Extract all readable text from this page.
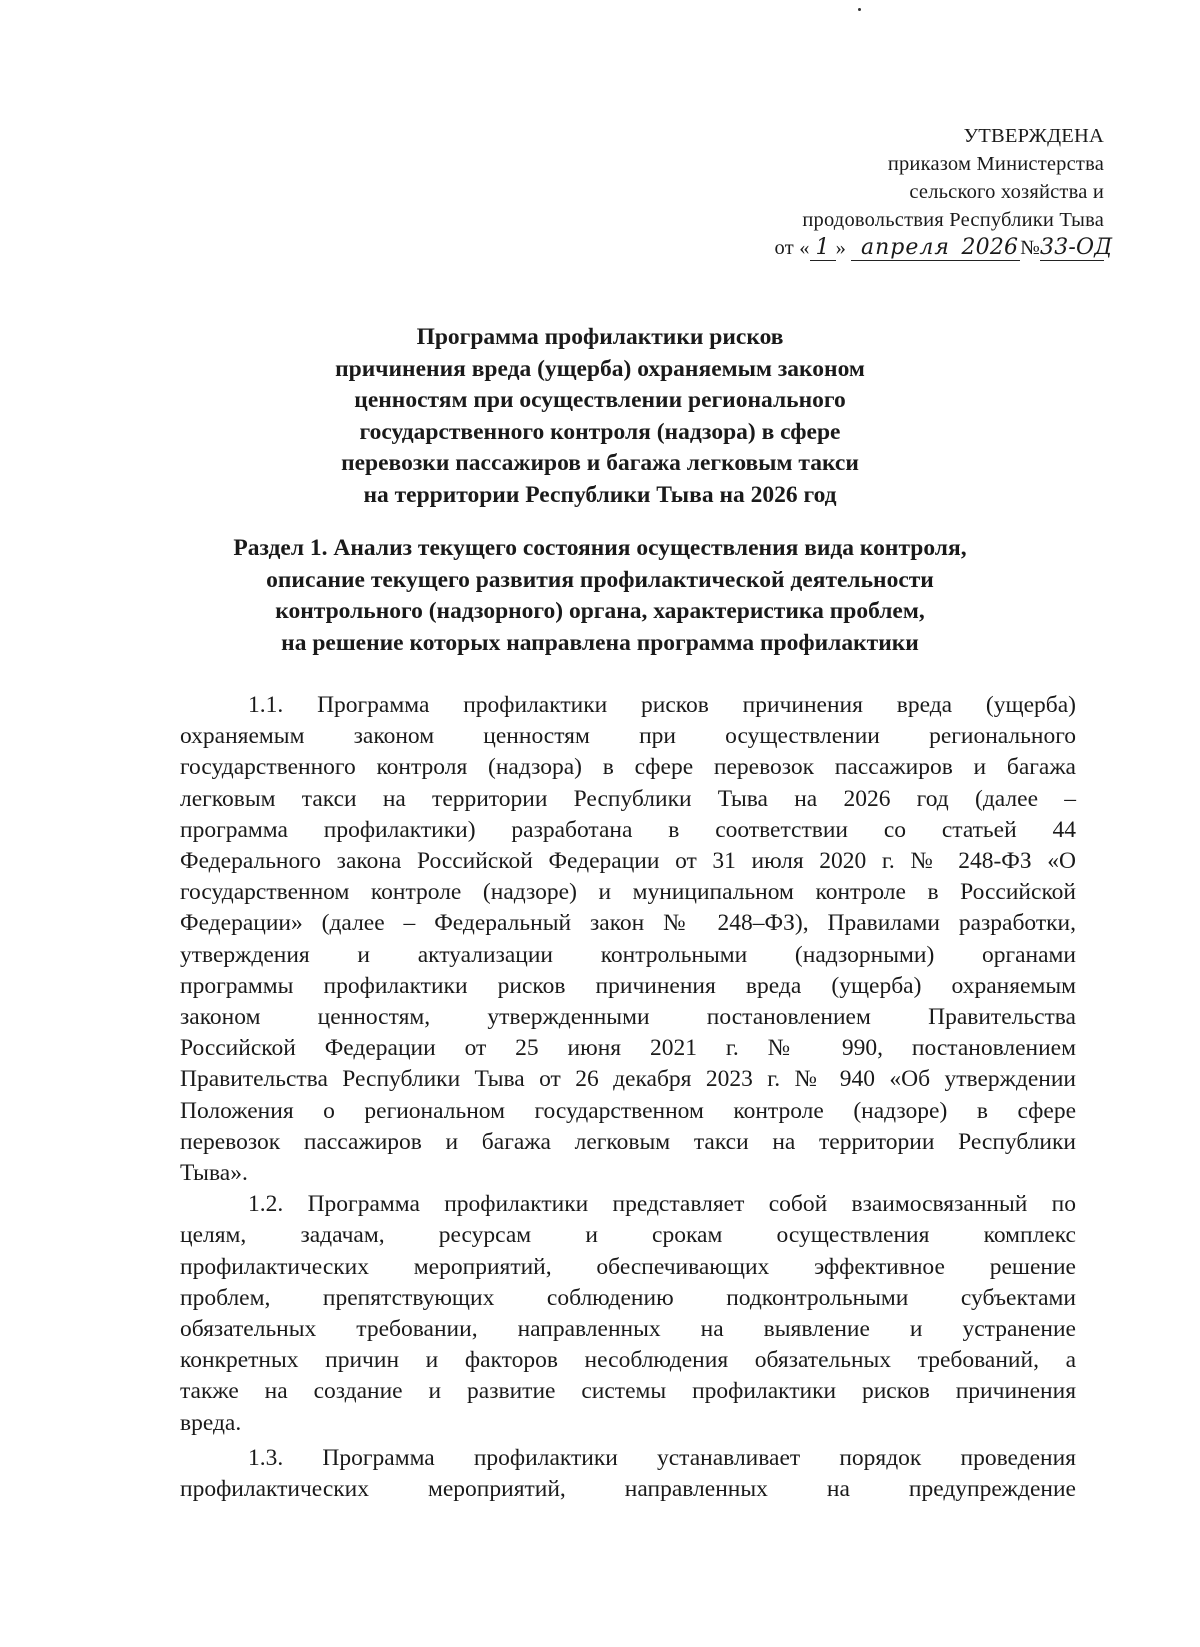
УТВЕРЖДЕНА
приказом Министерства
сельского хозяйства и
продовольствия Республики Тыва
от « 1 » апреля 2026№33-ОД
Программа профилактики рисков
причинения вреда (ущерба) охраняемым законом
ценностям при осуществлении регионального
государственного контроля (надзора) в сфере
перевозки пассажиров и багажа легковым такси
на территории Республики Тыва на 2026 год
Раздел 1. Анализ текущего состояния осуществления вида контроля,
описание текущего развития профилактической деятельности
контрольного (надзорного) органа, характеристика проблем,
на решение которых направлена программа профилактики
1.1. Программа профилактики рисков причинения вреда (ущерба)
охраняемым законом ценностям при осуществлении регионального
государственного контроля (надзора) в сфере перевозок пассажиров и багажа
легковым такси на территории Республики Тыва на 2026 год (далее –
программа профилактики) разработана в соответствии со статьей 44
Федерального закона Российской Федерации от 31 июля 2020 г. № 248-ФЗ «О
государственном контроле (надзоре) и муниципальном контроле в Российской
Федерации» (далее – Федеральный закон № 248–ФЗ), Правилами разработки,
утверждения и актуализации контрольными (надзорными) органами
программы профилактики рисков причинения вреда (ущерба) охраняемым
законом ценностям, утвержденными постановлением Правительства
Российской Федерации от 25 июня 2021 г. № 990, постановлением
Правительства Республики Тыва от 26 декабря 2023 г. № 940 «Об утверждении
Положения о региональном государственном контроле (надзоре) в сфере
перевозок пассажиров и багажа легковым такси на территории Республики
Тыва».
1.2. Программа профилактики представляет собой взаимосвязанный по
целям, задачам, ресурсам и срокам осуществления комплекс
профилактических мероприятий, обеспечивающих эффективное решение
проблем, препятствующих соблюдению подконтрольными субъектами
обязательных требовании, направленных на выявление и устранение
конкретных причин и факторов несоблюдения обязательных требований, а
также на создание и развитие системы профилактики рисков причинения
вреда.
1.3. Программа профилактики устанавливает порядок проведения
профилактических мероприятий, направленных на предупреждение
